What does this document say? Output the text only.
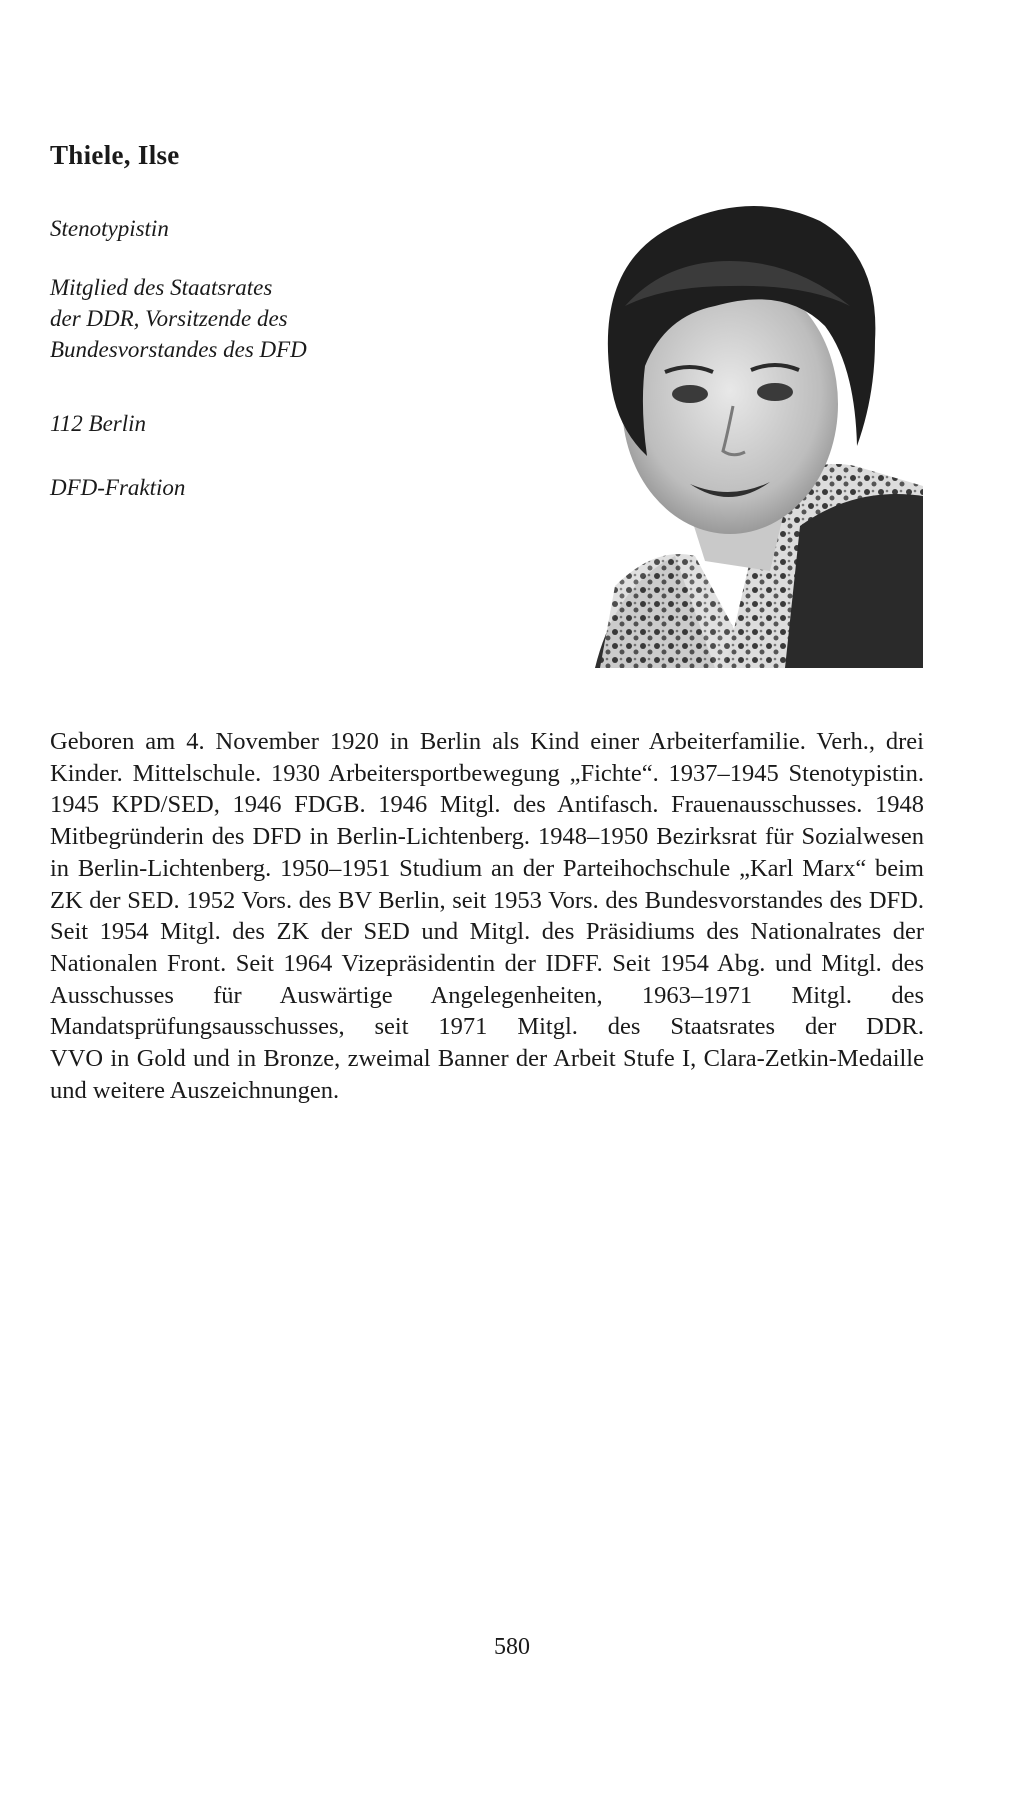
Thiele, Ilse
Stenotypistin
Mitglied des Staatsrates
der DDR, Vorsitzende des
Bundesvorstandes des DFD
112 Berlin
DFD-Fraktion

Geboren am 4. November 1920 in Berlin als Kind einer Arbeiterfamilie. Verh., drei Kinder. Mittelschule. 1930 Arbeitersportbewegung „Fichte“. 1937–1945 Stenotypistin. 1945 KPD/SED, 1946 FDGB. 1946 Mitgl. des Antifasch. Frauenausschusses. 1948 Mitbegründerin des DFD in Berlin-Lichtenberg. 1948–1950 Bezirksrat für Sozialwesen in Berlin-Lichtenberg. 1950–1951 Studium an der Parteihochschule „Karl Marx“ beim ZK der SED. 1952 Vors. des BV Berlin, seit 1953 Vors. des Bundesvorstandes des DFD. Seit 1954 Mitgl. des ZK der SED und Mitgl. des Präsidiums des Nationalrates der Nationalen Front. Seit 1964 Vizepräsidentin der IDFF. Seit 1954 Abg. und Mitgl. des Ausschusses für Auswärtige Angelegenheiten, 1963–1971 Mitgl. des Mandatsprüfungsausschusses, seit 1971 Mitgl. des Staatsrates der DDR.

VVO in Gold und in Bronze, zweimal Banner der Arbeit Stufe I, Clara-Zetkin-Medaille und weitere Auszeichnungen.

580
